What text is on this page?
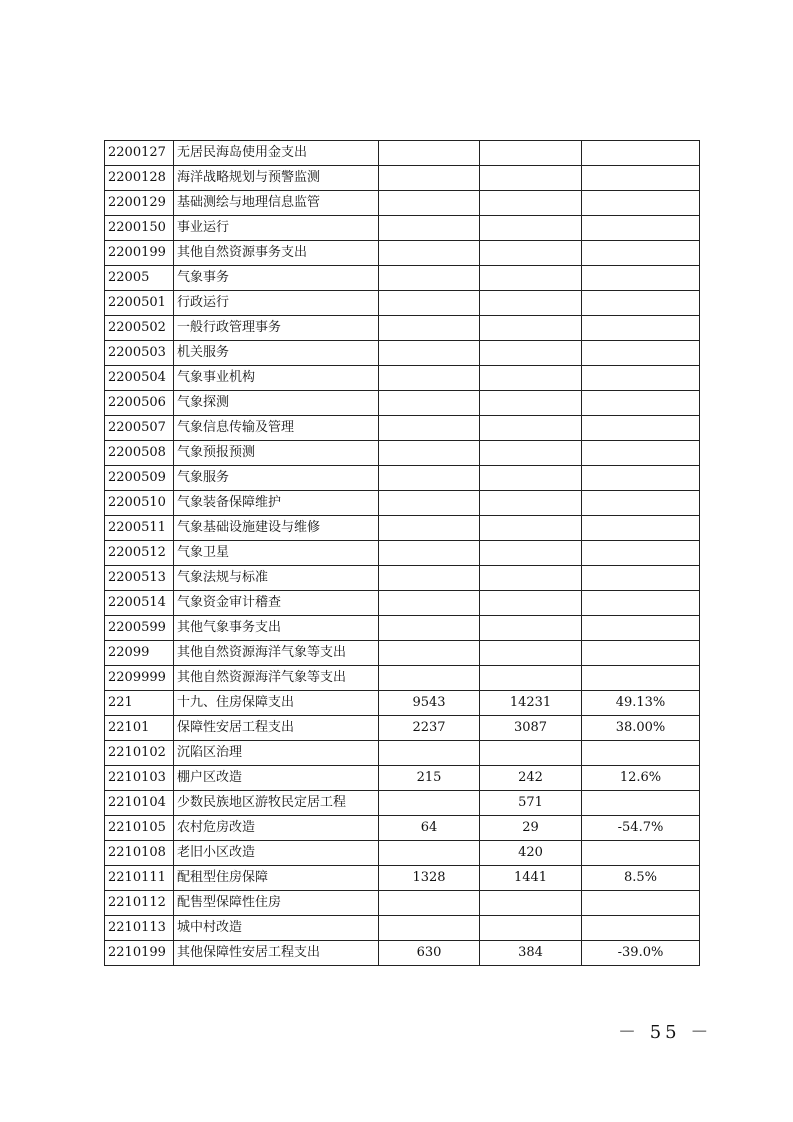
2200127	无居民海岛使用金支出			
2200128	海洋战略规划与预警监测			
2200129	基础测绘与地理信息监管			
2200150	事业运行			
2200199	其他自然资源事务支出			
22005	气象事务			
2200501	行政运行			
2200502	一般行政管理事务			
2200503	机关服务			
2200504	气象事业机构			
2200506	气象探测			
2200507	气象信息传输及管理			
2200508	气象预报预测			
2200509	气象服务			
2200510	气象装备保障维护			
2200511	气象基础设施建设与维修			
2200512	气象卫星			
2200513	气象法规与标准			
2200514	气象资金审计稽查			
2200599	其他气象事务支出			
22099	其他自然资源海洋气象等支出			
2209999	其他自然资源海洋气象等支出			
221	十九、住房保障支出	9543	14231	49.13%
22101	保障性安居工程支出	2237	3087	38.00%
2210102	沉陷区治理			
2210103	棚户区改造	215	242	12.6%
2210104	少数民族地区游牧民定居工程		571	
2210105	农村危房改造	64	29	-54.7%
2210108	老旧小区改造		420	
2210111	配租型住房保障	1328	1441	8.5%
2210112	配售型保障性住房			
2210113	城中村改造			
2210199	其他保障性安居工程支出	630	384	-39.0%
－ 55 －
